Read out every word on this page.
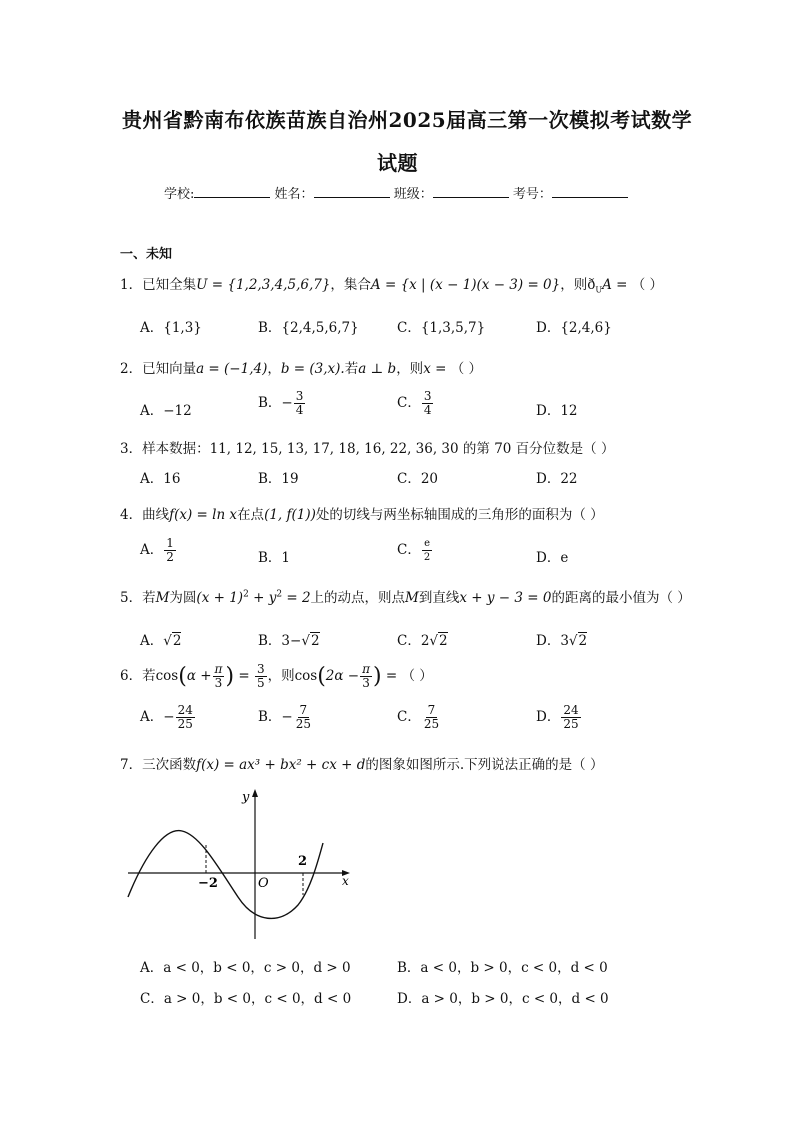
贵州省黔南布依族苗族自治州2025届高三第一次模拟考试数学
试题
学校:	姓名：	班级：	考号：
一、未知
1．已知全集U = {1,2,3,4,5,6,7}，集合A = {x | (x − 1)(x − 3) = 0}，则$ð_UA$ = （ ）
A．{1,3}	B．{2,4,5,6,7}	C．{1,3,5,7}	D．{2,4,6}
2．已知向量a = (−1,4)，b = (3,x).若a ⊥ b，则x = （ ）
A．−12	B．− $\frac{3}{4}$	C． $\frac{3}{4}$	D．12
3．样本数据：11, 12, 15, 13, 17, 18, 16, 22, 36, 30 的第 70 百分位数是（ ）
A．16	B．19	C．20	D．22
4．曲线f(x) = ln x在点(1, f(1))处的切线与两坐标轴围成的三角形的面积为（ ）
A． $\frac{1}{2}$	B．1	C． $\frac{e}{2}$	D．e
5．若M为圆$(x + 1)^2 + y^2 = 2$上的动点，则点M到直线x + y − 3 = 0的距离的最小值为（ ）
A．√2	B．3−√2	C．2√2	D．3√2
6．若$\cos(\alpha + \frac{\pi}{3}$ ) = $\frac{3}{5}$ ，则$\cos(2\alpha - \frac{\pi}{3}$ ) = （ ）
A．− $\frac{24}{25}$	B．− $\frac{7}{25}$	C． $\frac{7}{25}$	D． $\frac{24}{25}$
7．三次函数f(x) = ax³ + bx² + cx + d的图象如图所示.下列说法正确的是（ ）
y
x
O
−2
2
A．a < 0，b < 0，c > 0，d > 0	B．a < 0，b > 0，c < 0，d < 0
C．a > 0，b < 0，c < 0，d < 0	D．a > 0，b > 0，c < 0，d < 0
